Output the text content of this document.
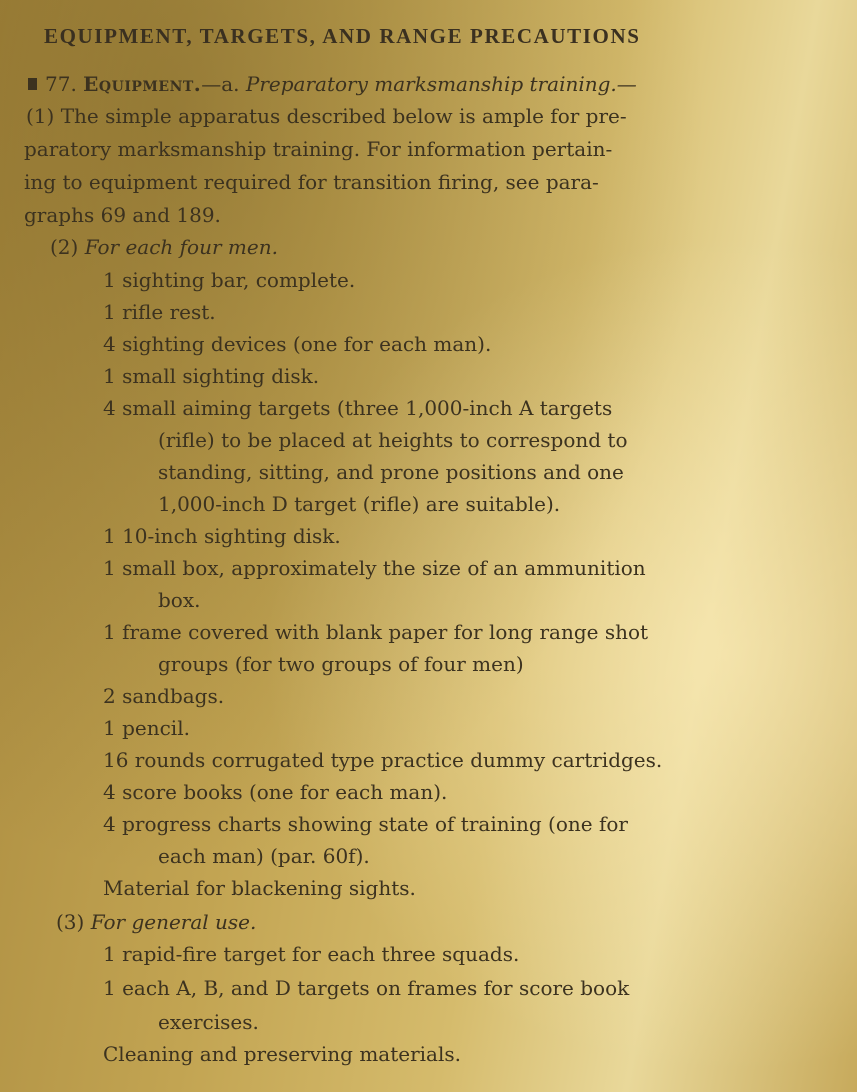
EQUIPMENT, TARGETS, AND RANGE PRECAUTIONS
77. Equipment.—a. Preparatory marksmanship training.—
(1) The simple apparatus described below is ample for pre-
paratory marksmanship training. For information pertain-
ing to equipment required for transition firing, see para-
graphs 69 and 189.
(2) For each four men.
1 sighting bar, complete.
1 rifle rest.
4 sighting devices (one for each man).
1 small sighting disk.
4 small aiming targets (three 1,000-inch A targets
(rifle) to be placed at heights to correspond to
standing, sitting, and prone positions and one
1,000-inch D target (rifle) are suitable).
1 10-inch sighting disk.
1 small box, approximately the size of an ammunition
box.
1 frame covered with blank paper for long range shot
groups (for two groups of four men)
2 sandbags.
1 pencil.
16 rounds corrugated type practice dummy cartridges.
4 score books (one for each man).
4 progress charts showing state of training (one for
each man) (par. 60f).
Material for blackening sights.
(3) For general use.
1 rapid-fire target for each three squads.
1 each A, B, and D targets on frames for score book
exercises.
Cleaning and preserving materials.
